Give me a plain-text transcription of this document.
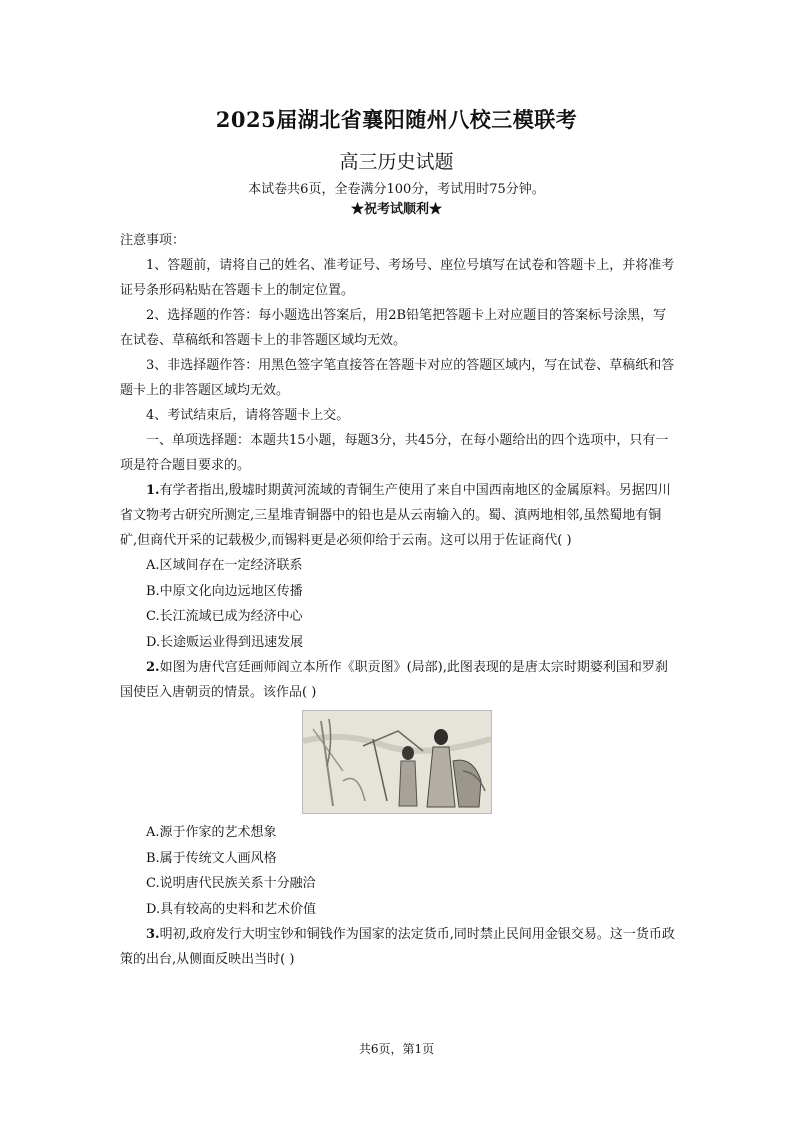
2025届湖北省襄阳随州八校三模联考
高三历史试题
本试卷共6页，全卷满分100分，考试用时75分钟。
★祝考试顺利★

注意事项：

1、答题前，请将自己的姓名、准考证号、考场号、座位号填写在试卷和答题卡上，并将准考证号条形码粘贴在答题卡上的制定位置。

2、选择题的作答：每小题选出答案后，用2B铅笔把答题卡上对应题目的答案标号涂黑，写在试卷、草稿纸和答题卡上的非答题区域均无效。

3、非选择题作答：用黑色签字笔直接答在答题卡对应的答题区域内，写在试卷、草稿纸和答题卡上的非答题区域均无效。

4、考试结束后，请将答题卡上交。

一、单项选择题：本题共15小题，每题3分，共45分，在每小题给出的四个选项中，只有一项是符合题目要求的。

1.有学者指出,殷墟时期黄河流域的青铜生产使用了来自中国西南地区的金属原料。另据四川省文物考古研究所测定,三星堆青铜器中的铅也是从云南输入的。蜀、滇两地相邻,虽然蜀地有铜矿,但商代开采的记载极少,而锡料更是必须仰给于云南。这可以用于佐证商代( )

A.区域间存在一定经济联系

B.中原文化向边远地区传播

C.长江流域已成为经济中心

D.长途贩运业得到迅速发展

2.如图为唐代宫廷画师阎立本所作《职贡图》(局部),此图表现的是唐太宗时期婆利国和罗刹国使臣入唐朝贡的情景。该作品( )

A.源于作家的艺术想象

B.属于传统文人画风格

C.说明唐代民族关系十分融洽

D.具有较高的史料和艺术价值

3.明初,政府发行大明宝钞和铜钱作为国家的法定货币,同时禁止民间用金银交易。这一货币政策的出台,从侧面反映出当时( )

共6页，第1页
